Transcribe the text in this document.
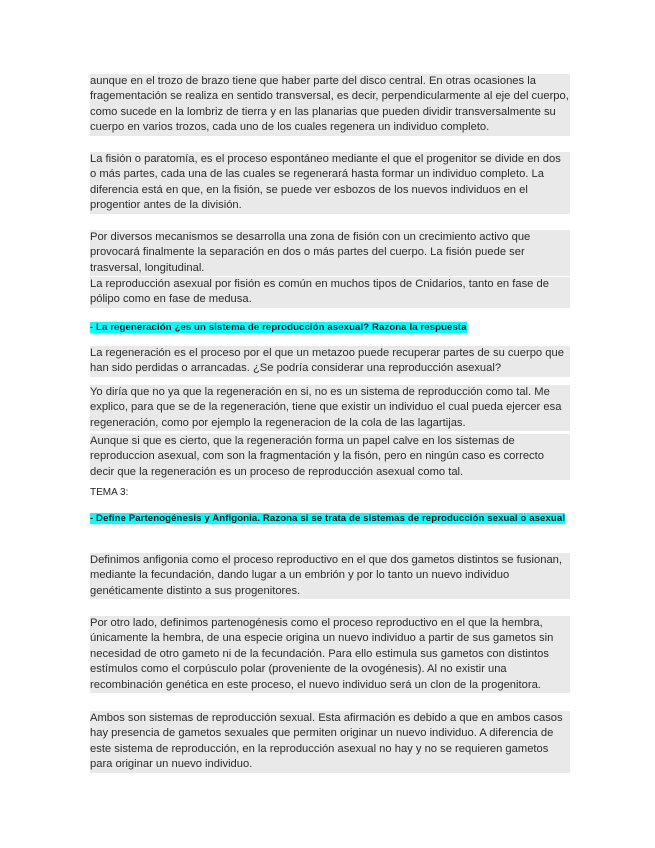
aunque en el trozo de brazo tiene que haber parte del disco central. En otras ocasiones la fragementación se realiza en sentido transversal, es decir, perpendicularmente al eje del cuerpo, como sucede en la lombriz de tierra y en las planarias que pueden dividir transversalmente su cuerpo en varios trozos, cada uno de los cuales regenera un individuo completo.

La fisión o paratomía, es el proceso espontáneo mediante el que el progenitor se divide en dos o más partes, cada una de las cuales se regenerará hasta formar un individuo completo. La diferencia está en que, en la fisión, se puede ver esbozos de los nuevos individuos en el progentior antes de la división.

Por diversos mecanismos se desarrolla una zona de fisión con un crecimiento activo que provocará finalmente la separación en dos o más partes del cuerpo. La fisión puede ser trasversal, longitudinal.

La reproducción asexual por fisión es común en muchos tipos de Cnidarios, tanto en fase de pólipo como en fase de medusa.

- La regeneración ¿es un sistema de reproducción asexual? Razona la respuesta

La regeneración es el proceso por el que un metazoo puede recuperar partes de su cuerpo que han sido perdidas o arrancadas. ¿Se podría considerar una reproducción asexual?

Yo diría que no ya que la regeneración en si, no es un sistema de reproducción como tal. Me explico, para que se de la regeneración, tiene que existir un individuo el cual pueda ejercer esa regeneración, como por ejemplo la regeneracion de la cola de las lagartijas.

Aunque si que es cierto, que la regeneración forma un papel calve en los sistemas de reproduccion asexual, com son la fragmentación y la fisón, pero en ningún caso es correcto decir que la regeneración es un proceso de reproducción asexual como tal.

TEMA 3:
- Define Partenogénesis y Anfigonia. Razona si se trata de sistemas de reproducción sexual o asexual

Definimos anfigonia como el proceso reproductivo en el que dos gametos distintos se fusionan, mediante la fecundación, dando lugar a un embrión y por lo tanto un nuevo individuo genéticamente distinto a sus progenitores.

Por otro lado, definimos partenogénesis como el proceso reproductivo en el que la hembra, únicamente la hembra, de una especie origina un nuevo individuo a partir de sus gametos sin necesidad de otro gameto ni de la fecundación. Para ello estimula sus gametos con distintos estímulos como el corpúsculo polar (proveniente de la ovogénesis). Al no existir una recombinación genética en este proceso, el nuevo individuo será un clon de la progenitora.

Ambos son sistemas de reproducción sexual. Esta afirmación es debido a que en ambos casos hay presencia de gametos sexuales que permiten originar un nuevo individuo. A diferencia de este sistema de reproducción, en la reproducción asexual no hay y no se requieren gametos para originar un nuevo individuo.
